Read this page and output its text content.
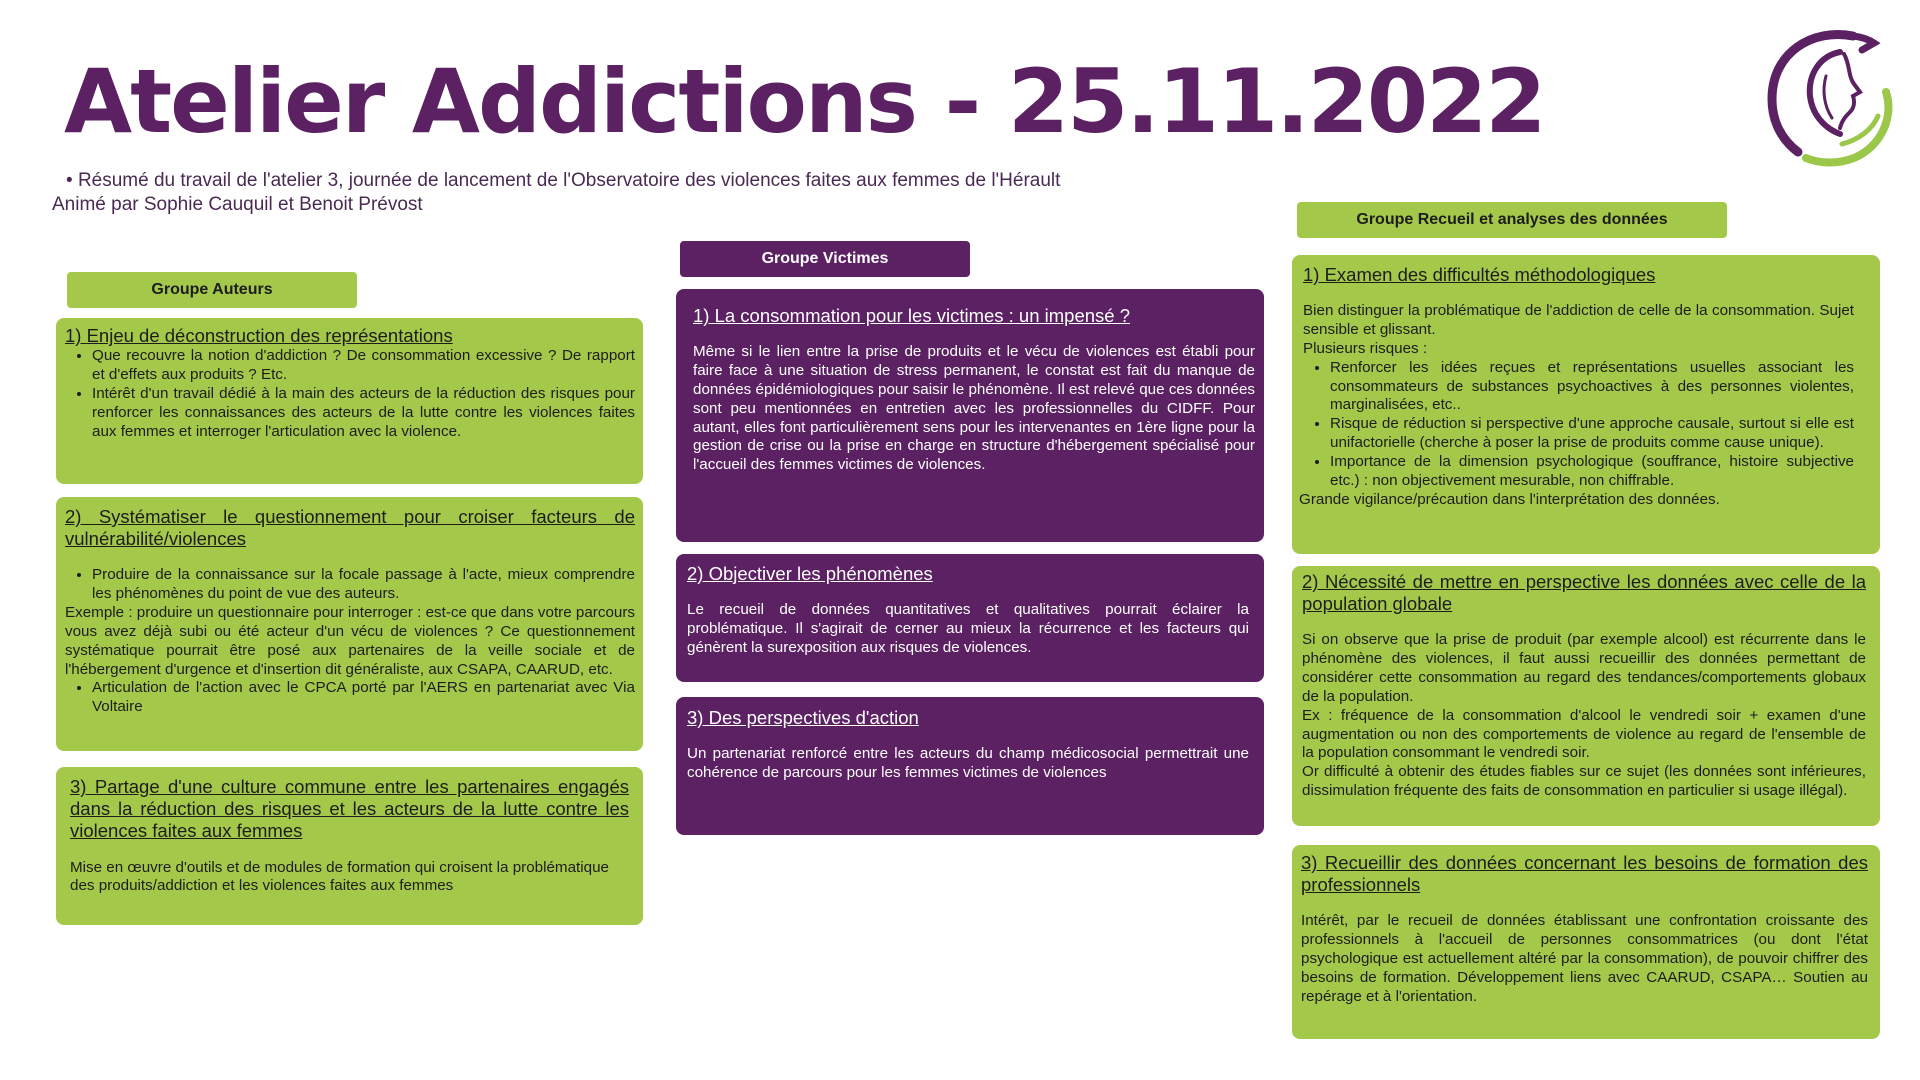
Atelier Addictions - 25.11.2022
• Résumé du travail de l'atelier 3, journée de lancement de l'Observatoire des violences faites aux femmes de l'Hérault
Animé par Sophie Cauquil et Benoit Prévost
Groupe Auteurs
1) Enjeu de déconstruction des représentations
• Que recouvre la notion d'addiction ? De consommation excessive ? De rapport et d'effets aux produits ? Etc.
• Intérêt d'un travail dédié à la main des acteurs de la réduction des risques pour renforcer les connaissances des acteurs de la lutte contre les violences faites aux femmes et interroger l'articulation avec la violence.
2) Systématiser le questionnement pour croiser facteurs de vulnérabilité/violences
• Produire de la connaissance sur la focale passage à l'acte, mieux comprendre les phénomènes du point de vue des auteurs.

Exemple : produire un questionnaire pour interroger : est-ce que dans votre parcours vous avez déjà subi ou été acteur d'un vécu de violences ? Ce questionnement systématique pourrait être posé aux partenaires de la veille sociale et de l'hébergement d'urgence et d'insertion dit généraliste, aux CSAPA, CAARUD, etc.

• Articulation de l'action avec le CPCA porté par l'AERS en partenariat avec Via Voltaire
3) Partage d'une culture commune entre les partenaires engagés dans la réduction des risques et les acteurs de la lutte contre les violences faites aux femmes

Mise en œuvre d'outils et de modules de formation qui croisent la problématique des produits/addiction et les violences faites aux femmes

Groupe Victimes
1) La consommation pour les victimes : un impensé ?

Même si le lien entre la prise de produits et le vécu de violences est établi pour faire face à une situation de stress permanent, le constat est fait du manque de données épidémiologiques pour saisir le phénomène. Il est relevé que ces données sont peu mentionnées en entretien avec les professionnelles du CIDFF. Pour autant, elles font particulièrement sens pour les intervenantes en 1ère ligne pour la gestion de crise ou la prise en charge en structure d'hébergement spécialisé pour l'accueil des femmes victimes de violences.

2) Objectiver les phénomènes

Le recueil de données quantitatives et qualitatives pourrait éclairer la problématique. Il s'agirait de cerner au mieux la récurrence et les facteurs qui génèrent la surexposition aux risques de violences.

3) Des perspectives d'action

Un partenariat renforcé entre les acteurs du champ médicosocial permettrait une cohérence de parcours pour les femmes victimes de violences

Groupe Recueil et analyses des données
1) Examen des difficultés méthodologiques

Bien distinguer la problématique de l'addiction de celle de la consommation. Sujet sensible et glissant.

Plusieurs risques :

• Renforcer les idées reçues et représentations usuelles associant les consommateurs de substances psychoactives à des personnes violentes, marginalisées, etc..
• Risque de réduction si perspective d'une approche causale, surtout si elle est unifactorielle (cherche à poser la prise de produits comme cause unique).
• Importance de la dimension psychologique (souffrance, histoire subjective etc.) : non objectivement mesurable, non chiffrable.

Grande vigilance/précaution dans l'interprétation des données.

2) Nécessité de mettre en perspective les données avec celle de la population globale

Si on observe que la prise de produit (par exemple alcool) est récurrente dans le phénomène des violences, il faut aussi recueillir des données permettant de considérer cette consommation au regard des tendances/comportements globaux de la population.

Ex : fréquence de la consommation d'alcool le vendredi soir + examen d'une augmentation ou non des comportements de violence au regard de l'ensemble de la population consommant le vendredi soir.

Or difficulté à obtenir des études fiables sur ce sujet (les données sont inférieures, dissimulation fréquente des faits de consommation en particulier si usage illégal).

3) Recueillir des données concernant les besoins de formation des professionnels

Intérêt, par le recueil de données établissant une confrontation croissante des professionnels à l'accueil de personnes consommatrices (ou dont l'état psychologique est actuellement altéré par la consommation), de pouvoir chiffrer des besoins de formation. Développement liens avec CAARUD, CSAPA… Soutien au repérage et à l'orientation.
